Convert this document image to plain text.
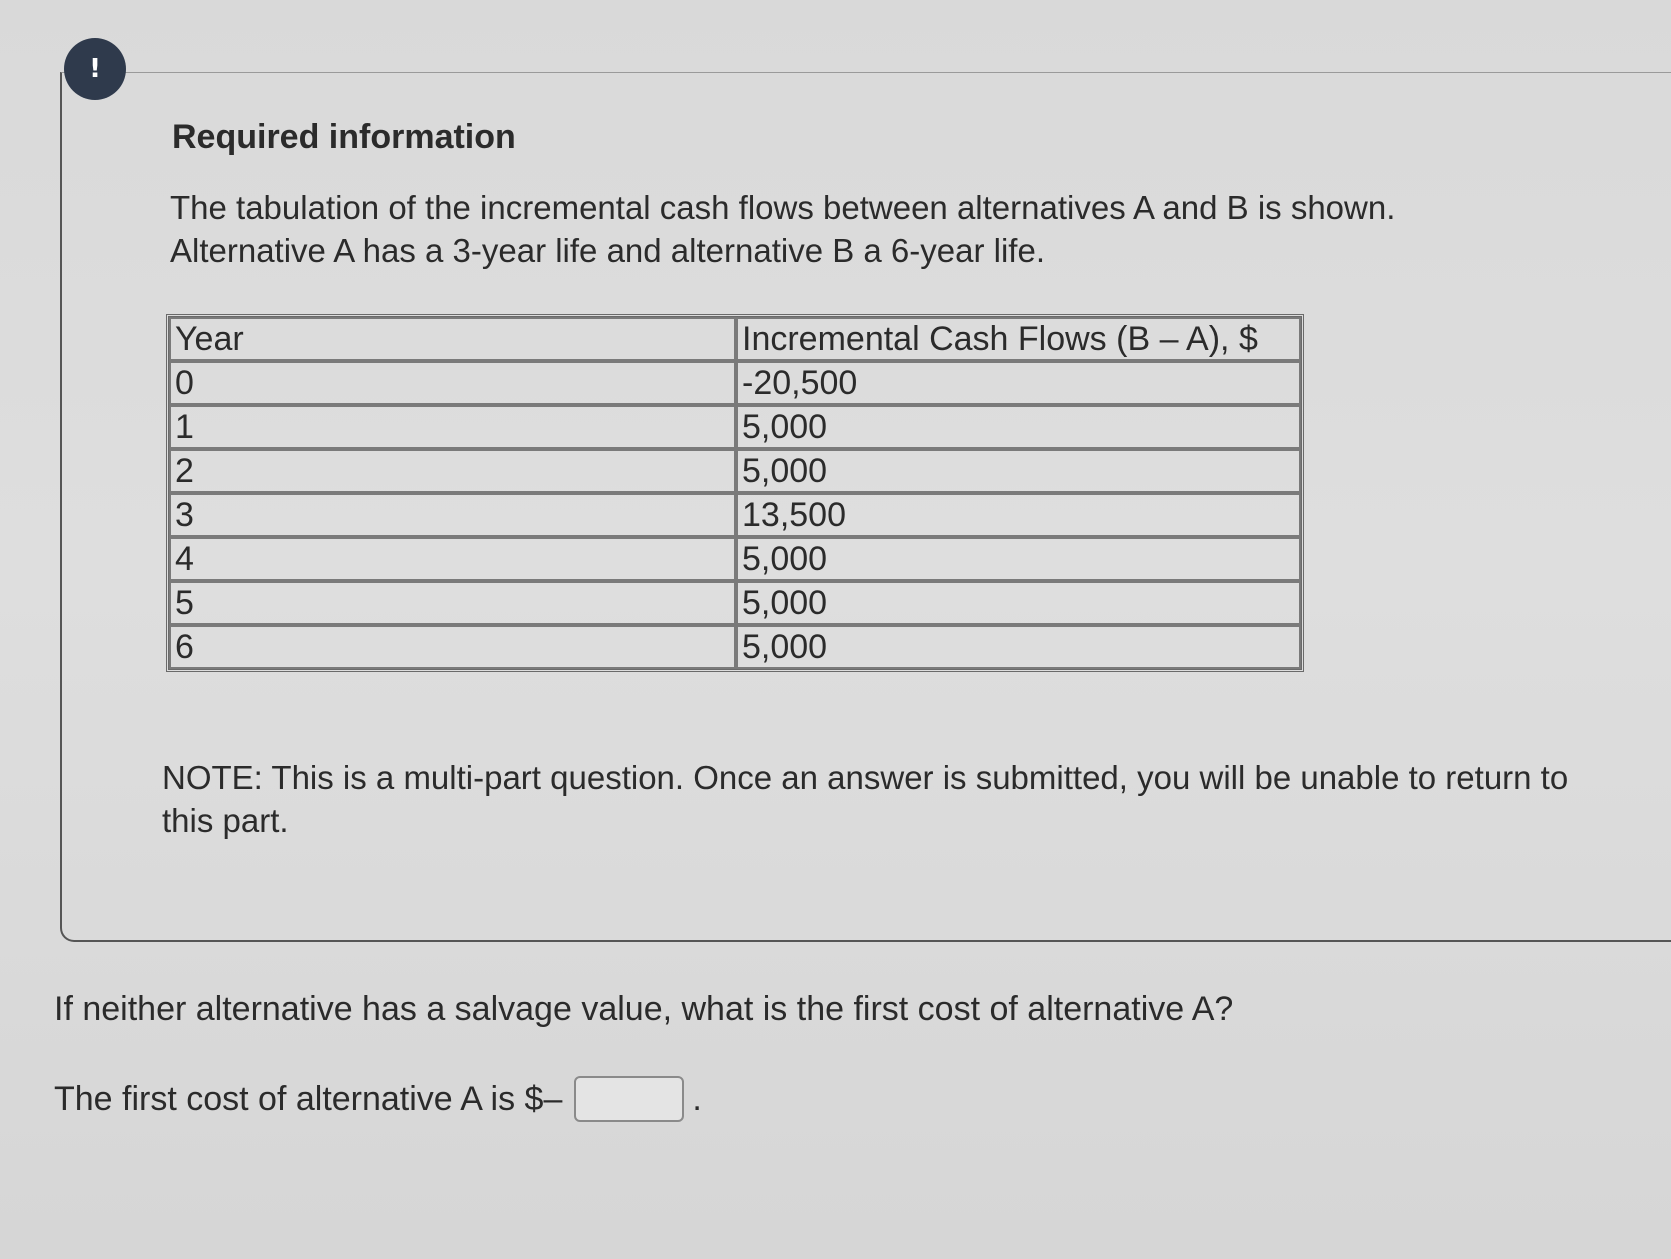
!
Required information

The tabulation of the incremental cash flows between alternatives A and B is shown. Alternative A has a 3-year life and alternative B a 6-year life.

Year	Incremental Cash Flows (B – A), $
0	-20,500
1	5,000
2	5,000
3	13,500
4	5,000
5	5,000
6	5,000

NOTE: This is a multi-part question. Once an answer is submitted, you will be unable to return to this part.

If neither alternative has a salvage value, what is the first cost of alternative A?

The first cost of alternative A is $–	.
